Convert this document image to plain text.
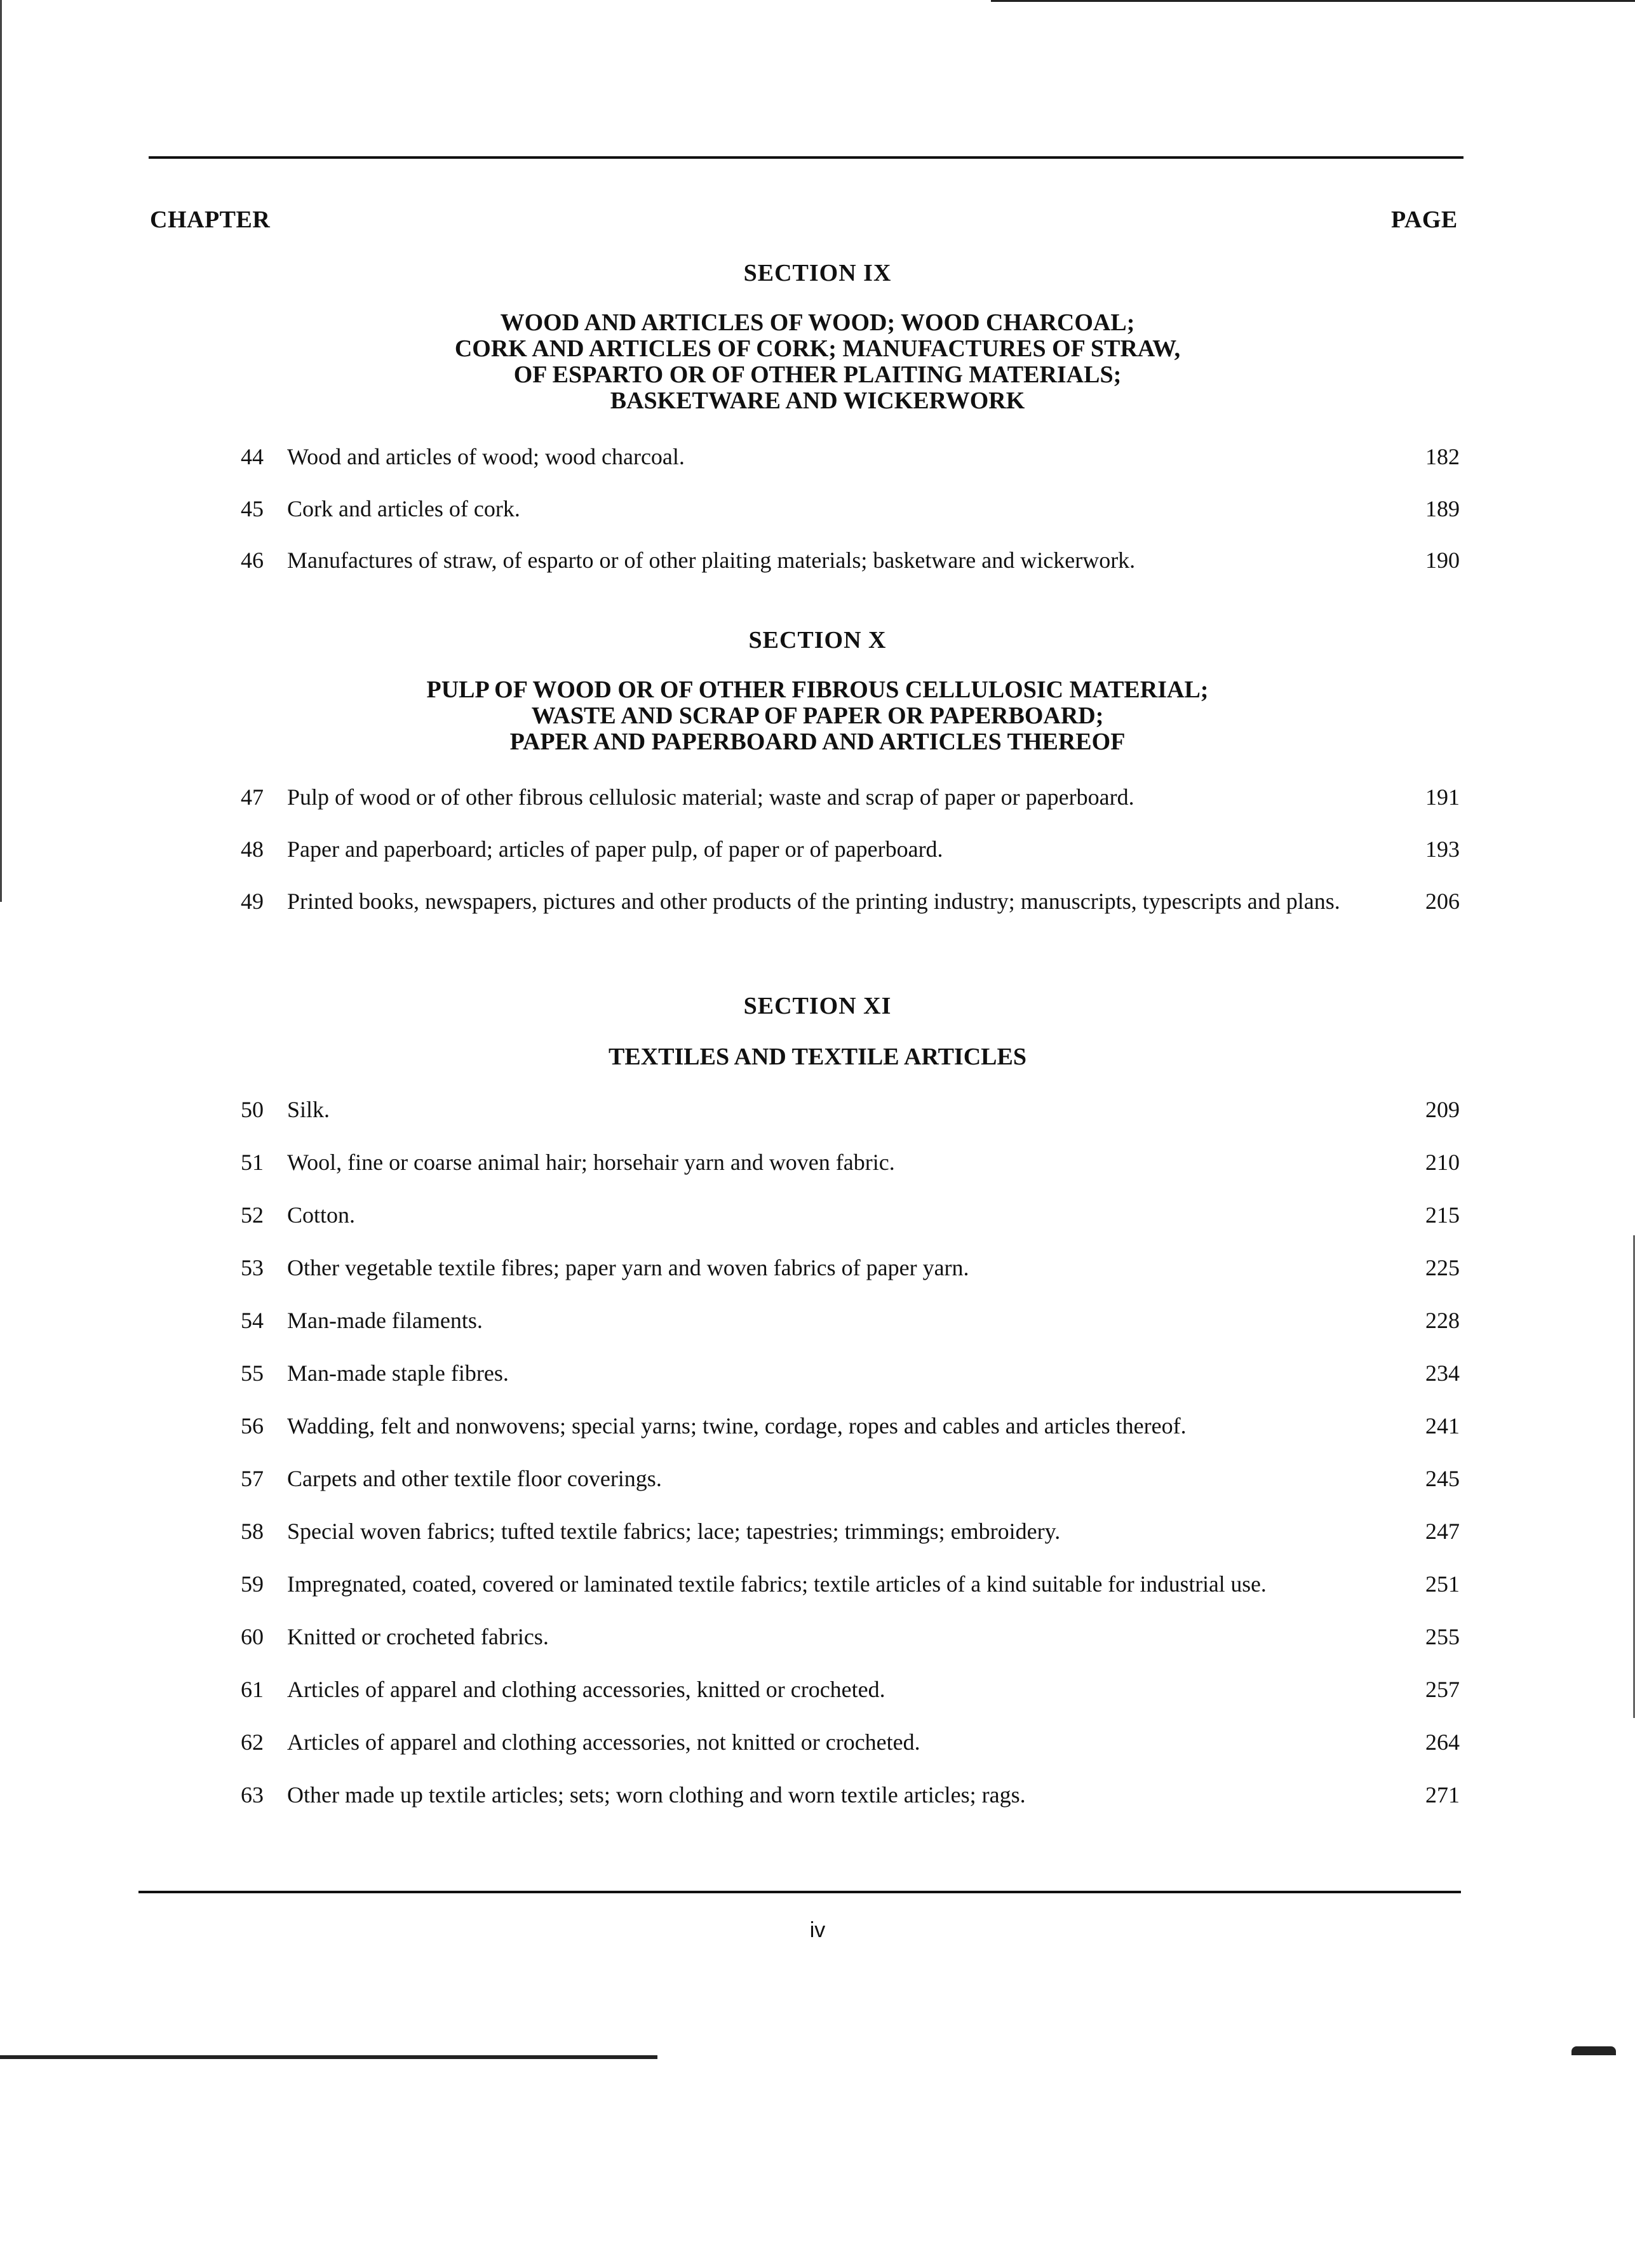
CHAPTER	PAGE
SECTION IX
WOOD AND ARTICLES OF WOOD; WOOD CHARCOAL;
CORK AND ARTICLES OF CORK; MANUFACTURES OF STRAW,
OF ESPARTO OR OF OTHER PLAITING MATERIALS;
BASKETWARE AND WICKERWORK
44 Wood and articles of wood; wood charcoal.	182
45 Cork and articles of cork.	189
46 Manufactures of straw, of esparto or of other plaiting materials; basketware and wickerwork.	190
SECTION X
PULP OF WOOD OR OF OTHER FIBROUS CELLULOSIC MATERIAL;
WASTE AND SCRAP OF PAPER OR PAPERBOARD;
PAPER AND PAPERBOARD AND ARTICLES THEREOF
47 Pulp of wood or of other fibrous cellulosic material; waste and scrap of paper or paperboard.	191
48 Paper and paperboard; articles of paper pulp, of paper or of paperboard.	193
49 Printed books, newspapers, pictures and other products of the printing industry; manuscripts, typescripts and plans.	206
SECTION XI
TEXTILES AND TEXTILE ARTICLES
50 Silk.	209
51 Wool, fine or coarse animal hair; horsehair yarn and woven fabric.	210
52 Cotton.	215
53 Other vegetable textile fibres; paper yarn and woven fabrics of paper yarn.	225
54 Man-made filaments.	228
55 Man-made staple fibres.	234
56 Wadding, felt and nonwovens; special yarns; twine, cordage, ropes and cables and articles thereof.	241
57 Carpets and other textile floor coverings.	245
58 Special woven fabrics; tufted textile fabrics; lace; tapestries; trimmings; embroidery.	247
59 Impregnated, coated, covered or laminated textile fabrics; textile articles of a kind suitable for industrial use.	251
60 Knitted or crocheted fabrics.	255
61 Articles of apparel and clothing accessories, knitted or crocheted.	257
62 Articles of apparel and clothing accessories, not knitted or crocheted.	264
63 Other made up textile articles; sets; worn clothing and worn textile articles; rags.	271
iv
